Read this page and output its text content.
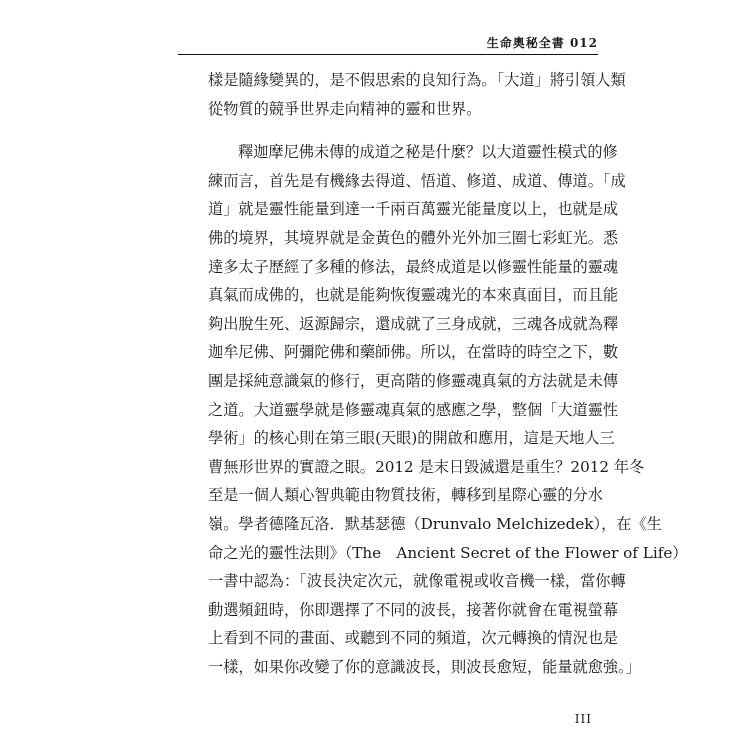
生命奧秘全書 012
樣是隨緣變異的，是不假思索的良知行為。「大道」將引領人類
從物質的競爭世界走向精神的靈和世界。
釋迦摩尼佛未傳的成道之秘是什麼？以大道靈性模式的修
練而言，首先是有機緣去得道、悟道、修道、成道、傳道。「成
道」就是靈性能量到達一千兩百萬靈光能量度以上，也就是成
佛的境界，其境界就是金黃色的體外光外加三圈七彩虹光。悉
達多太子歷經了多種的修法，最終成道是以修靈性能量的靈魂
真氣而成佛的，也就是能夠恢復靈魂光的本來真面目，而且能
夠出脫生死、返源歸宗，還成就了三身成就，三魂各成就為釋
迦牟尼佛、阿彌陀佛和藥師佛。所以，在當時的時空之下，數
團是採純意識氣的修行，更高階的修靈魂真氣的方法就是未傳
之道。大道靈學就是修靈魂真氣的感應之學，整個「大道靈性
學術」的核心則在第三眼(天眼)的開啟和應用，這是天地人三
曹無形世界的實證之眼。2012 是末日毀滅還是重生？2012 年冬
至是一個人類心智典範由物質技術，轉移到星際心靈的分水
嶺。學者德隆瓦洛．默基瑟德（Drunvalo Melchizedek），在《生
命之光的靈性法則》（The　Ancient Secret of the Flower of Life）
一書中認為：「波長決定次元，就像電視或收音機一樣，當你轉
動選頻鈕時，你即選擇了不同的波長，接著你就會在電視螢幕
上看到不同的畫面、或聽到不同的頻道，次元轉換的情況也是
一樣，如果你改變了你的意識波長，則波長愈短，能量就愈強。」
III
